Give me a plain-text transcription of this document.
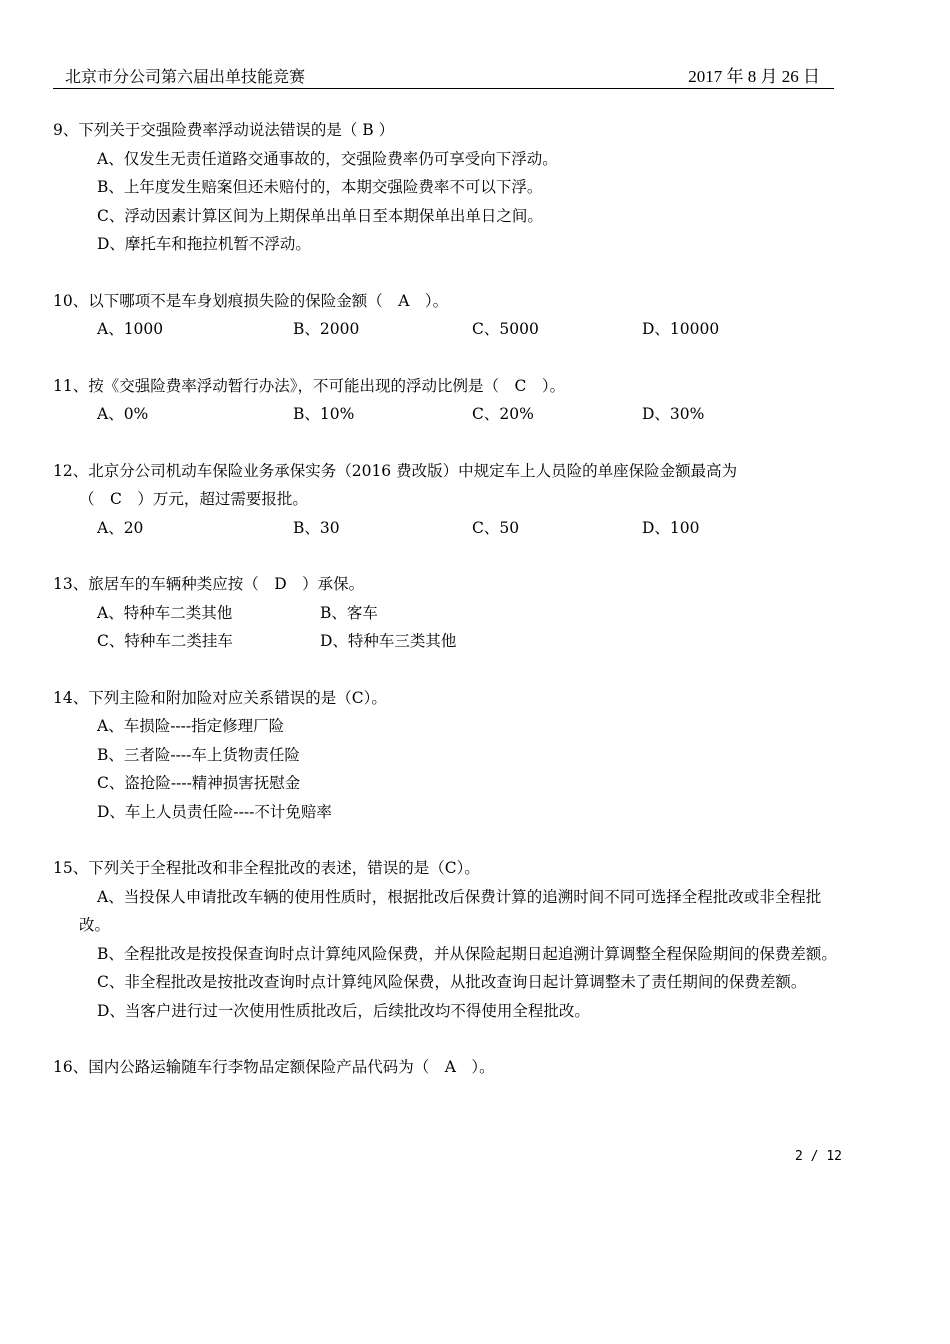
北京市分公司第六届出单技能竞赛	2017 年 8 月 26 日
9、下列关于交强险费率浮动说法错误的是（ B ）
A、仅发生无责任道路交通事故的，交强险费率仍可享受向下浮动。
B、上年度发生赔案但还未赔付的，本期交强险费率不可以下浮。
C、浮动因素计算区间为上期保单出单日至本期保单出单日之间。
D、摩托车和拖拉机暂不浮动。
10、以下哪项不是车身划痕损失险的保险金额（　A　）。
A、1000	B、2000	C、5000	D、10000
11、按《交强险费率浮动暂行办法》，不可能出现的浮动比例是（　C　）。
A、0%	B、10%	C、20%	D、30%
12、北京分公司机动车保险业务承保实务（2016 费改版）中规定车上人员险的单座保险金额最高为
（　C　）万元，超过需要报批。
A、20	B、30	C、50	D、100
13、旅居车的车辆种类应按（　D　）承保。
A、特种车二类其他	B、客车
C、特种车二类挂车	D、特种车三类其他
14、下列主险和附加险对应关系错误的是（C）。
A、车损险----指定修理厂险
B、三者险----车上货物责任险
C、盗抢险----精神损害抚慰金
D、车上人员责任险----不计免赔率
15、下列关于全程批改和非全程批改的表述，错误的是（C）。
A、当投保人申请批改车辆的使用性质时，根据批改后保费计算的追溯时间不同可选择全程批改或非全程批改。
B、全程批改是按投保查询时点计算纯风险保费，并从保险起期日起追溯计算调整全程保险期间的保费差额。
C、非全程批改是按批改查询时点计算纯风险保费，从批改查询日起计算调整未了责任期间的保费差额。
D、当客户进行过一次使用性质批改后，后续批改均不得使用全程批改。
16、国内公路运输随车行李物品定额保险产品代码为（　A　）。
2 / 12
